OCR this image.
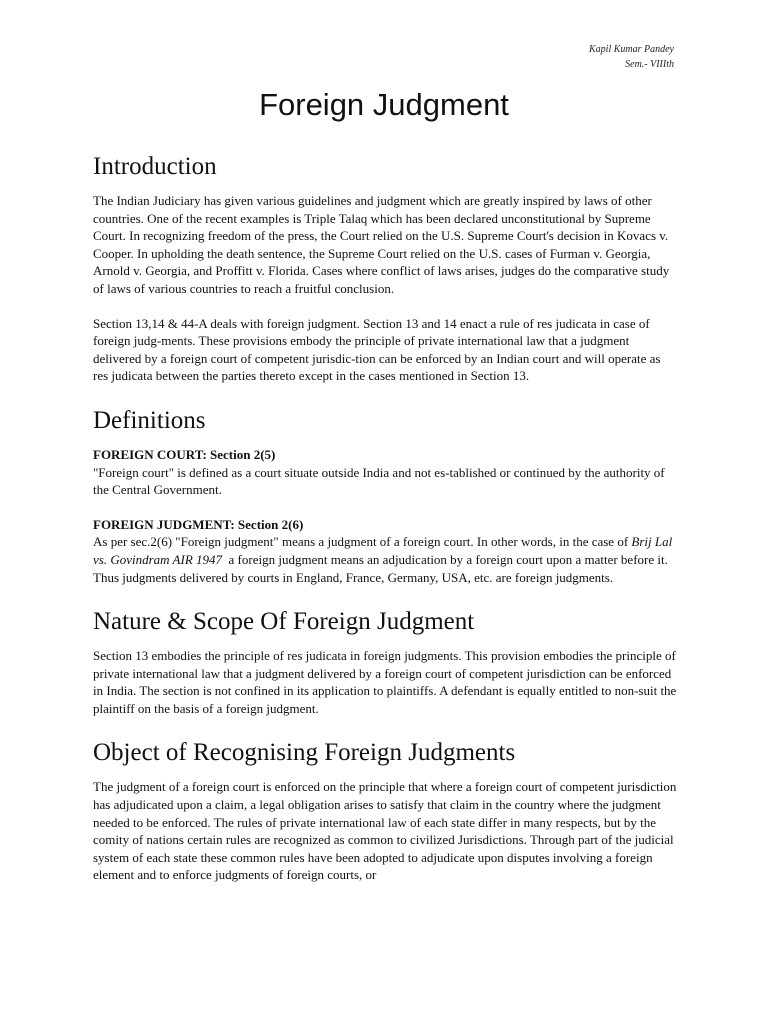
Kapil Kumar Pandey
Sem.- VIIIth
Foreign Judgment
Introduction

The Indian Judiciary has given various guidelines and judgment which are greatly inspired by laws of other countries. One of the recent examples is Triple Talaq which has been declared unconstitutional by Supreme Court. In recognizing freedom of the press, the Court relied on the U.S. Supreme Court's decision in Kovacs v. Cooper. In upholding the death sentence, the Supreme Court relied on the U.S. cases of Furman v. Georgia, Arnold v. Georgia, and Proffitt v. Florida. Cases where conflict of laws arises, judges do the comparative study of laws of various countries to reach a fruitful conclusion.

Section 13,14 & 44-A deals with foreign judgment. Section 13 and 14 enact a rule of res judicata in case of foreign judg-ments. These provisions embody the principle of private international law that a judgment delivered by a foreign court of competent jurisdic-tion can be enforced by an Indian court and will operate as res judicata between the parties thereto except in the cases mentioned in Section 13.

Definitions

FOREIGN COURT: Section 2(5)
"Foreign court" is defined as a court situate outside India and not es-tablished or continued by the authority of the Central Government.

FOREIGN JUDGMENT: Section 2(6)
As per sec.2(6) "Foreign judgment" means a judgment of a foreign court. In other words, in the case of Brij Lal vs. Govindram AIR 1947  a foreign judgment means an adjudication by a foreign court upon a matter before it. Thus judgments delivered by courts in England, France, Germany, USA, etc. are foreign judgments.

Nature & Scope Of Foreign Judgment

Section 13 embodies the principle of res judicata in foreign judgments. This provision embodies the principle of private international law that a judgment delivered by a foreign court of competent jurisdiction can be enforced in India. The section is not confined in its application to plaintiffs. A defendant is equally entitled to non-suit the plaintiff on the basis of a foreign judgment.

Object of Recognising Foreign Judgments

The judgment of a foreign court is enforced on the principle that where a foreign court of competent jurisdiction has adjudicated upon a claim, a legal obligation arises to satisfy that claim in the country where the judgment needed to be enforced. The rules of private international law of each state differ in many respects, but by the comity of nations certain rules are recognized as common to civilized Jurisdictions. Through part of the judicial system of each state these common rules have been adopted to adjudicate upon disputes involving a foreign element and to enforce judgments of foreign courts, or
